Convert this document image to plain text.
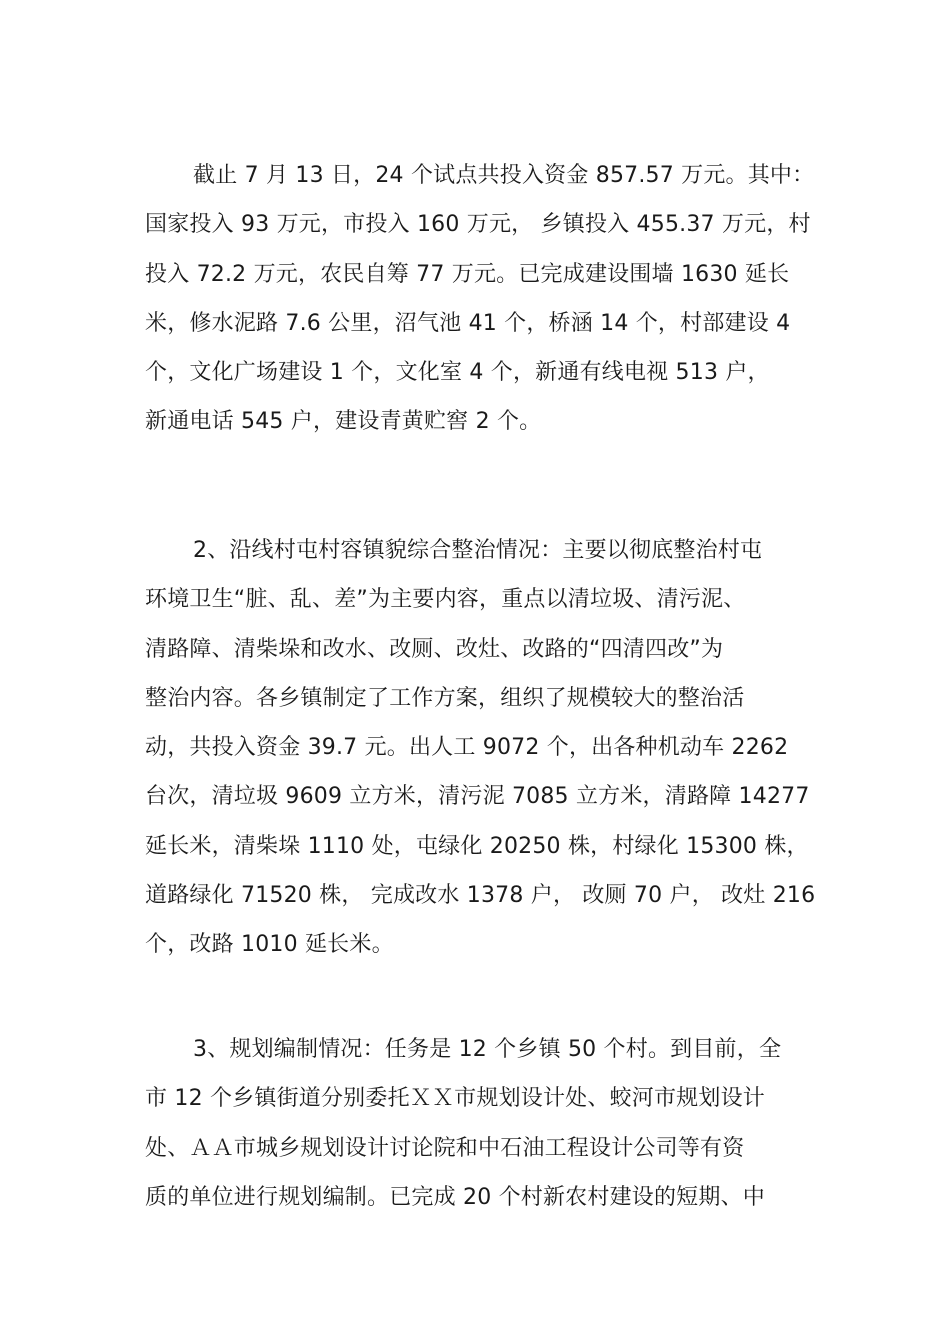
截止 7 月 13 日，24 个试点共投入资金 857.57 万元。其中：
国家投入 93 万元，市投入 160 万元， 乡镇投入 455.37 万元，村
投入 72.2 万元，农民自筹 77 万元。已完成建设围墙 1630 延长
米，修水泥路 7.6 公里，沼气池 41 个，桥涵 14 个，村部建设 4
个，文化广场建设 1 个，文化室 4 个，新通有线电视 513 户，
新通电话 545 户，建设青黄贮窖 2 个。
2、沿线村屯村容镇貌综合整治情况：主要以彻底整治村屯
环境卫生“脏、乱、差”为主要内容，重点以清垃圾、清污泥、
清路障、清柴垛和改水、改厕、改灶、改路的“四清四改”为
整治内容。各乡镇制定了工作方案，组织了规模较大的整治活
动，共投入资金 39.7 元。出人工 9072 个，出各种机动车 2262
台次，清垃圾 9609 立方米，清污泥 7085 立方米，清路障 14277
延长米，清柴垛 1110 处，屯绿化 20250 株，村绿化 15300 株，
道路绿化 71520 株， 完成改水 1378 户， 改厕 70 户， 改灶 216
个，改路 1010 延长米。
3、规划编制情况：任务是 12 个乡镇 50 个村。到目前，全
市 12 个乡镇街道分别委托ＸＸ市规划设计处、蛟河市规划设计
处、ＡＡ市城乡规划设计讨论院和中石油工程设计公司等有资
质的单位进行规划编制。已完成 20 个村新农村建设的短期、中
